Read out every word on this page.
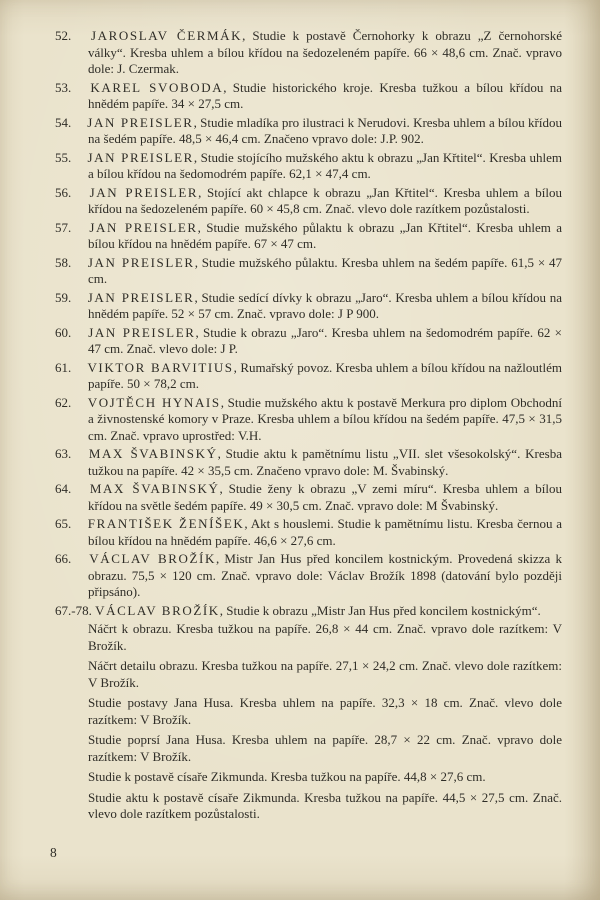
52. JAROSLAV ČERMÁK, Studie k postavě Černohorky k obrazu „Z černohorské války“. Kresba uhlem a bílou křídou na šedozeleném papíře. 66 × 48,6 cm. Znač. vpravo dole: J. Czermak.

53. KAREL SVOBODA, Studie historického kroje. Kresba tužkou a bílou křídou na hnědém papíře. 34 × 27,5 cm.

54. JAN PREISLER, Studie mladíka pro ilustraci k Nerudovi. Kresba uhlem a bílou křídou na šedém papíře. 48,5 × 46,4 cm. Značeno vpravo dole: J.P. 902.

55. JAN PREISLER, Studie stojícího mužského aktu k obrazu „Jan Křtitel“. Kresba uhlem a bílou křídou na šedomodrém papíře. 62,1 × 47,4 cm.

56. JAN PREISLER, Stojící akt chlapce k obrazu „Jan Křtitel“. Kresba uhlem a bílou křídou na šedozeleném papíře. 60 × 45,8 cm. Znač. vlevo dole razítkem pozůstalosti.

57. JAN PREISLER, Studie mužského půlaktu k obrazu „Jan Křtitel“. Kresba uhlem a bílou křídou na hnědém papíře. 67 × 47 cm.

58. JAN PREISLER, Studie mužského půlaktu. Kresba uhlem na šedém papíře. 61,5 × 47 cm.

59. JAN PREISLER, Studie sedící dívky k obrazu „Jaro“. Kresba uhlem a bílou křídou na hnědém papíře. 52 × 57 cm. Znač. vpravo dole: J P 900.

60. JAN PREISLER, Studie k obrazu „Jaro“. Kresba uhlem na šedomodrém papíře. 62 × 47 cm. Znač. vlevo dole: J P.

61. VIKTOR BARVITIUS, Rumařský povoz. Kresba uhlem a bílou křídou na nažloutlém papíře. 50 × 78,2 cm.

62. VOJTĚCH HYNAIS, Studie mužského aktu k postavě Merkura pro diplom Obchodní a živnostenské komory v Praze. Kresba uhlem a bílou křídou na šedém papíře. 47,5 × 31,5 cm. Znač. vpravo uprostřed: V.H.

63. MAX ŠVABINSKÝ, Studie aktu k pamětnímu listu „VII. slet všesokolský“. Kresba tužkou na papíře. 42 × 35,5 cm. Značeno vpravo dole: M. Švabinský.

64. MAX ŠVABINSKÝ, Studie ženy k obrazu „V zemi míru“. Kresba uhlem a bílou křídou na světle šedém papíře. 49 × 30,5 cm. Znač. vpravo dole: M Švabinský.

65. FRANTIŠEK ŽENÍŠEK, Akt s houslemi. Studie k pamětnímu listu. Kresba černou a bílou křídou na hnědém papíře. 46,6 × 27,6 cm.

66. VÁCLAV BROŽÍK, Mistr Jan Hus před koncilem kostnickým. Provedená skizza k obrazu. 75,5 × 120 cm. Znač. vpravo dole: Václav Brožík 1898 (datování bylo později připsáno).

67.-78. VÁCLAV BROŽÍK, Studie k obrazu „Mistr Jan Hus před koncilem kostnickým“.

Náčrt k obrazu. Kresba tužkou na papíře. 26,8 × 44 cm. Znač. vpravo dole razítkem: V Brožík.

Náčrt detailu obrazu. Kresba tužkou na papíře. 27,1 × 24,2 cm. Znač. vlevo dole razítkem: V Brožík.

Studie postavy Jana Husa. Kresba uhlem na papíře. 32,3 × 18 cm. Znač. vlevo dole razítkem: V Brožík.

Studie poprsí Jana Husa. Kresba uhlem na papíře. 28,7 × 22 cm. Znač. vpravo dole razítkem: V Brožík.

Studie k postavě císaře Zikmunda. Kresba tužkou na papíře. 44,8 × 27,6 cm.

Studie aktu k postavě císaře Zikmunda. Kresba tužkou na papíře. 44,5 × 27,5 cm. Znač. vlevo dole razítkem pozůstalosti.

8
